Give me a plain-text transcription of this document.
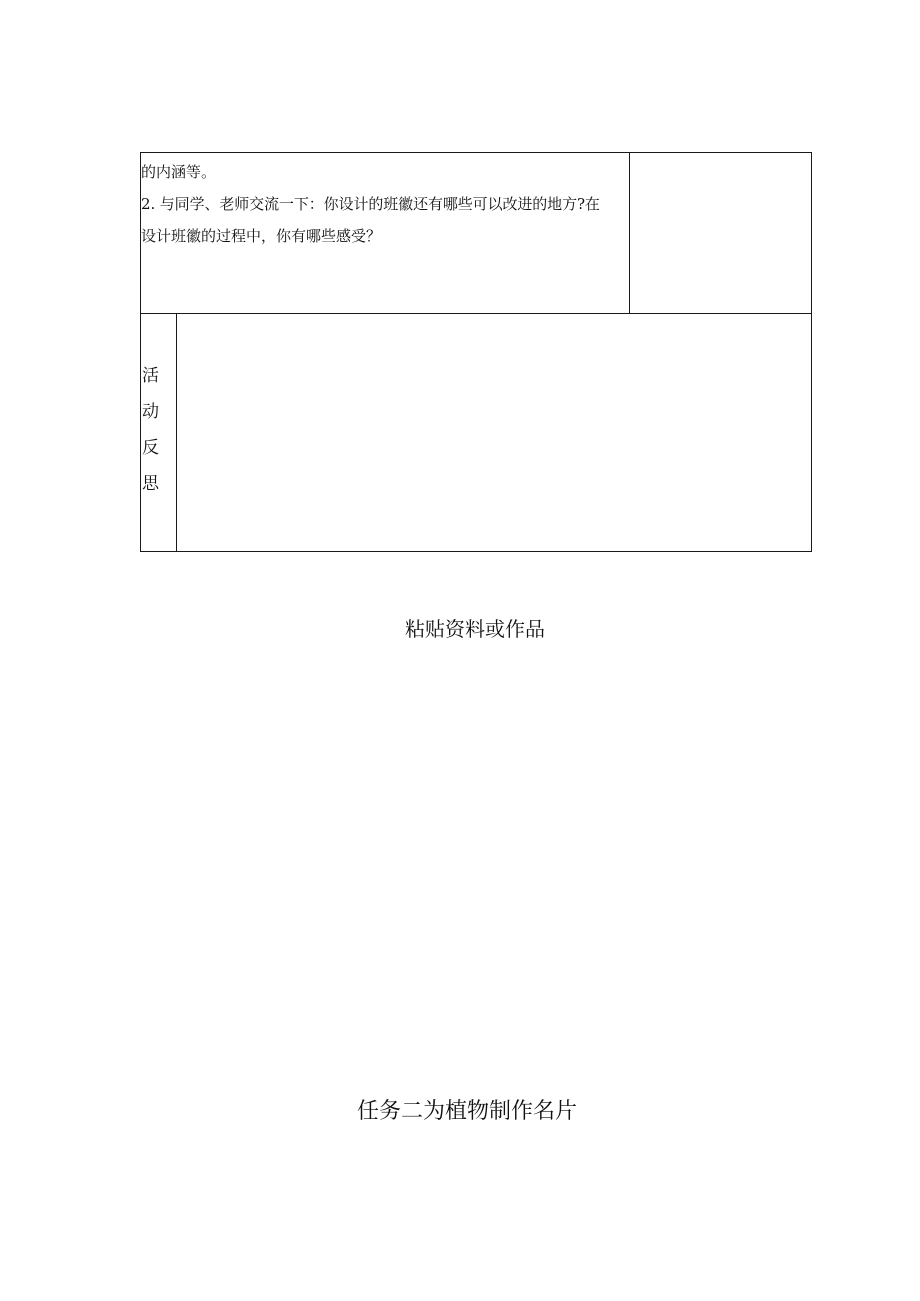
的内涵等。
2. 与同学、老师交流一下：你设计的班徽还有哪些可以改进的地方?在
设计班徽的过程中，你有哪些感受？
活
动
反
思
粘贴资料或作品
任务二为植物制作名片
